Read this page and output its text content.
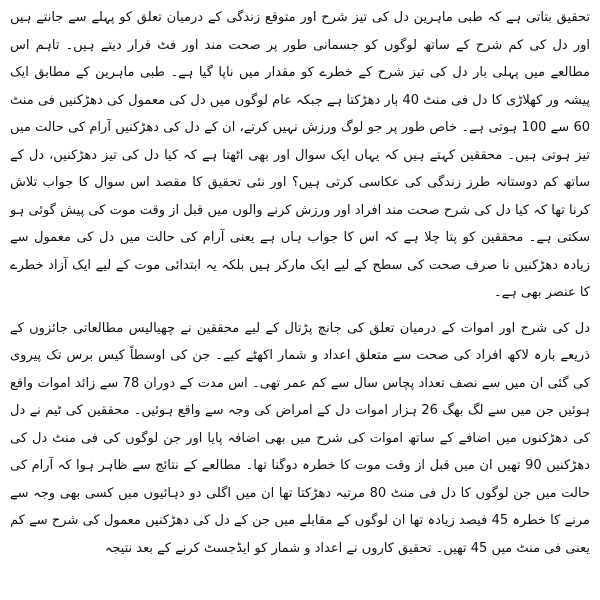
تحقیق بتاتی ہے کہ طبی ماہرین دل کی تیز شرح اور متوقع زندگی کے درمیان تعلق کو پہلے سے جانتے ہیں اور دل کی کم شرح کے ساتھ لوگوں کو جسمانی طور پر صحت مند اور فٹ قرار دیتے ہیں۔ تاہم اس مطالعے میں پہلی بار دل کی تیز شرح کے خطرے کو مقدار میں ناپا گیا ہے۔ طبی ماہرین کے مطابق ایک پیشہ ور کھلاڑی کا دل فی منٹ 40 بار دھڑکتا ہے جبکہ عام لوگوں میں دل کی معمول کی دھڑکنیں فی منٹ 60 سے 100 ہوتی ہے۔ خاص طور پر جو لوگ ورزش نہیں کرتے، ان کے دل کی دھڑکنیں آرام کی حالت میں تیز ہوتی ہیں۔ محققین کہتے ہیں کہ یہاں ایک سوال اور بھی اٹھتا ہے کہ کیا دل کی تیز دھڑکنیں، دل کے ساتھ کم دوستانہ طرز زندگی کی عکاسی کرتی ہیں؟ اور نئی تحقیق کا مقصد اس سوال کا جواب تلاش کرنا تھا کہ کیا دل کی شرح صحت مند افراد اور ورزش کرنے والوں میں قبل از وقت موت کی پیش گوئی ہو سکتی ہے۔ محققین کو پتا چلا ہے کہ اس کا جواب ہاں ہے یعنی آرام کی حالت میں دل کی معمول سے زیادہ دھڑکنیں نا صرف صحت کی سطح کے لیے ایک مارکر ہیں بلکہ یہ ابتدائی موت کے لیے ایک آزاد خطرے کا عنصر بھی ہے۔

دل کی شرح اور اموات کے درمیان تعلق کی جانچ پڑتال کے لیے محققین نے چھیالیس مطالعاتی جائزوں کے ذریعے بارہ لاکھ افراد کی صحت سے متعلق اعداد و شمار اکھٹے کیے۔ جن کی اوسطاً کیس برس تک پیروی کی گئی ان میں سے نصف تعداد پچاس سال سے کم عمر تھی۔ اس مدت کے دوران 78 سے زائد اموات واقع ہوئیں جن میں سے لگ بھگ 26 ہزار اموات دل کے امراض کی وجہ سے واقع ہوئیں۔ محققین کی ٹیم نے دل کی دھڑکنوں میں اضافے کے ساتھ اموات کی شرح میں بھی اضافہ پایا اور جن لوگوں کی فی منٹ دل کی دھڑکنیں 90 تھیں ان میں قبل از وقت موت کا خطرہ دوگنا تھا۔ مطالعے کے نتائج سے ظاہر ہوا کہ آرام کی حالت میں جن لوگوں کا دل فی منٹ 80 مرتبہ دھڑکتا تھا ان میں اگلی دو دہائیوں میں کسی بھی وجہ سے مرنے کا خطرہ 45 فیصد زیادہ تھا ان لوگوں کے مقابلے میں جن کے دل کی دھڑکنیں معمول کی شرح سے کم یعنی فی منٹ میں 45 تھیں۔ تحقیق کاروں نے اعداد و شمار کو ایڈجسٹ کرنے کے بعد نتیجہ
